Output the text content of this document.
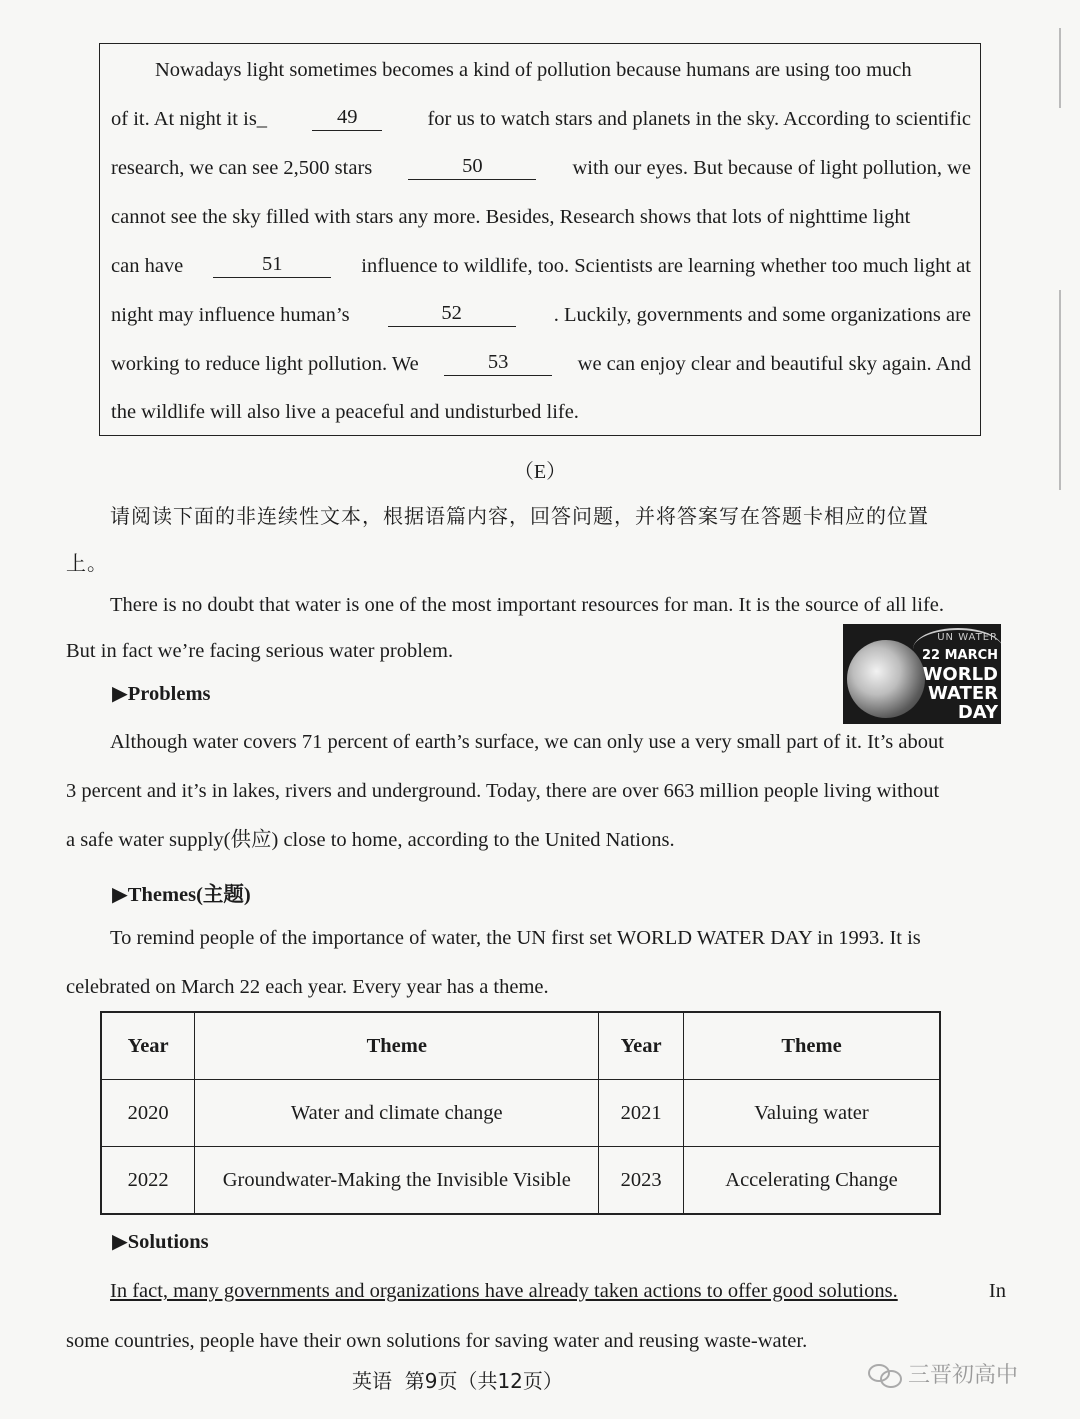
Nowadays light sometimes becomes a kind of pollution because humans are using too much
of it. At night it is_	49	for us to watch stars and planets in the sky. According to scientific
research, we can see 2,500 stars	50	with our eyes. But because of light pollution, we
cannot see the sky filled with stars any more. Besides, Research shows that lots of nighttime light
can have	51	influence to wildlife, too. Scientists are learning whether too much light at
night may influence human’s	52	. Luckily, governments and some organizations are
working to reduce light pollution. We	53	we can enjoy clear and beautiful sky again. And
the wildlife will also live a peaceful and undisturbed life.
（E）
请阅读下面的非连续性文本，根据语篇内容，回答问题，并将答案写在答题卡相应的位置
上。
There is no doubt that water is one of the most important resources for man. It is the source of all life.
But in fact we’re facing serious water problem.
UN WATER
22 MARCH
WORLD
WATER
DAY
▶Problems
Although water covers 71 percent of earth’s surface, we can only use a very small part of it. It’s about
3 percent and it’s in lakes, rivers and underground. Today, there are over 663 million people living without
a safe water supply(供应) close to home, according to the United Nations.
▶Themes(主题)
To remind people of the importance of water, the UN first set WORLD WATER DAY in 1993. It is
celebrated on March 22 each year. Every year has a theme.
Year	Theme	Year	Theme
2020	Water and climate change	2021	Valuing water
2022	Groundwater-Making the Invisible Visible	2023	Accelerating Change
▶Solutions
In fact, many governments and organizations have already taken actions to offer good solutions.	In
some countries, people have their own solutions for saving water and reusing waste-water.
英语  第9页（共12页）	三晋初高中
